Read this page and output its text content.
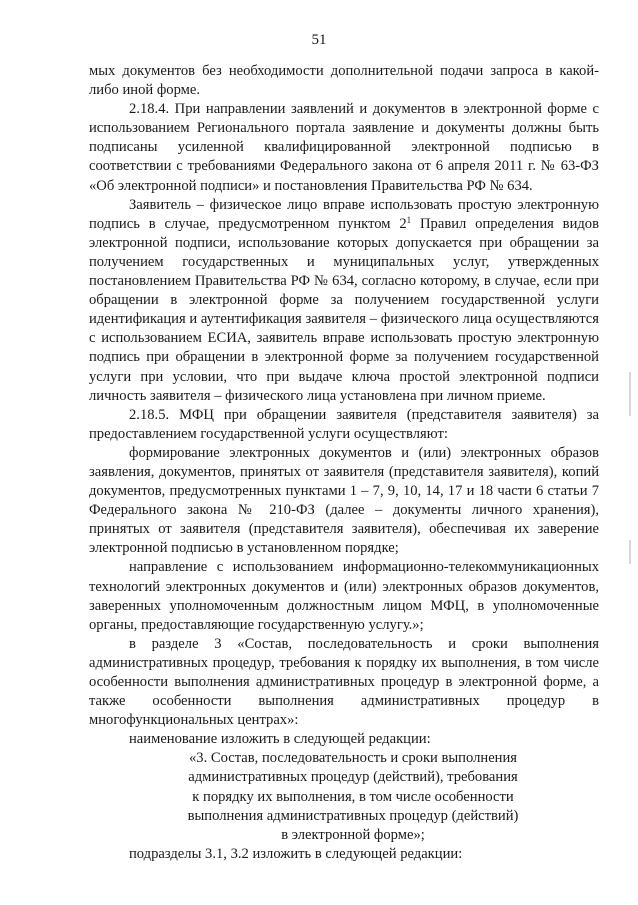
51

мых документов без необходимости дополнительной подачи запроса в какой-либо иной форме.

2.18.4. При направлении заявлений и документов в электронной форме с использованием Регионального портала заявление и документы должны быть подписаны усиленной квалифицированной электронной подписью в соответствии с требованиями Федерального закона от 6 апреля 2011 г. № 63-ФЗ «Об электронной подписи» и постановления Правительства РФ № 634.

Заявитель – физическое лицо вправе использовать простую электронную подпись в случае, предусмотренном пунктом $2^1$ Правил определения видов электронной подписи, использование которых допускается при обращении за получением государственных и муниципальных услуг, утвержденных постановлением Правительства РФ № 634, согласно которому, в случае, если при обращении в электронной форме за получением государственной услуги идентификация и аутентификация заявителя – физического лица осуществляются с использованием ЕСИА, заявитель вправе использовать простую электронную подпись при обращении в электронной форме за получением государственной услуги при условии, что при выдаче ключа простой электронной подписи личность заявителя – физического лица установлена при личном приеме.

2.18.5. МФЦ при обращении заявителя (представителя заявителя) за предоставлением государственной услуги осуществляют:

формирование электронных документов и (или) электронных образов заявления, документов, принятых от заявителя (представителя заявителя), копий документов, предусмотренных пунктами 1 – 7, 9, 10, 14, 17 и 18 части 6 статьи 7 Федерального закона № 210-ФЗ (далее – документы личного хранения), принятых от заявителя (представителя заявителя), обеспечивая их заверение электронной подписью в установленном порядке;

направление с использованием информационно-телекоммуникационных технологий электронных документов и (или) электронных образов документов, заверенных уполномоченным должностным лицом МФЦ, в уполномоченные органы, предоставляющие государственную услугу.»;

в разделе 3 «Состав, последовательность и сроки выполнения административных процедур, требования к порядку их выполнения, в том числе особенности выполнения административных процедур в электронной форме, а также особенности выполнения административных процедур в многофункциональных центрах»:

наименование изложить в следующей редакции:

«3. Состав, последовательность и сроки выполнения
административных процедур (действий), требования
к порядку их выполнения, в том числе особенности
выполнения административных процедур (действий)
в электронной форме»;

подразделы 3.1, 3.2 изложить в следующей редакции:
